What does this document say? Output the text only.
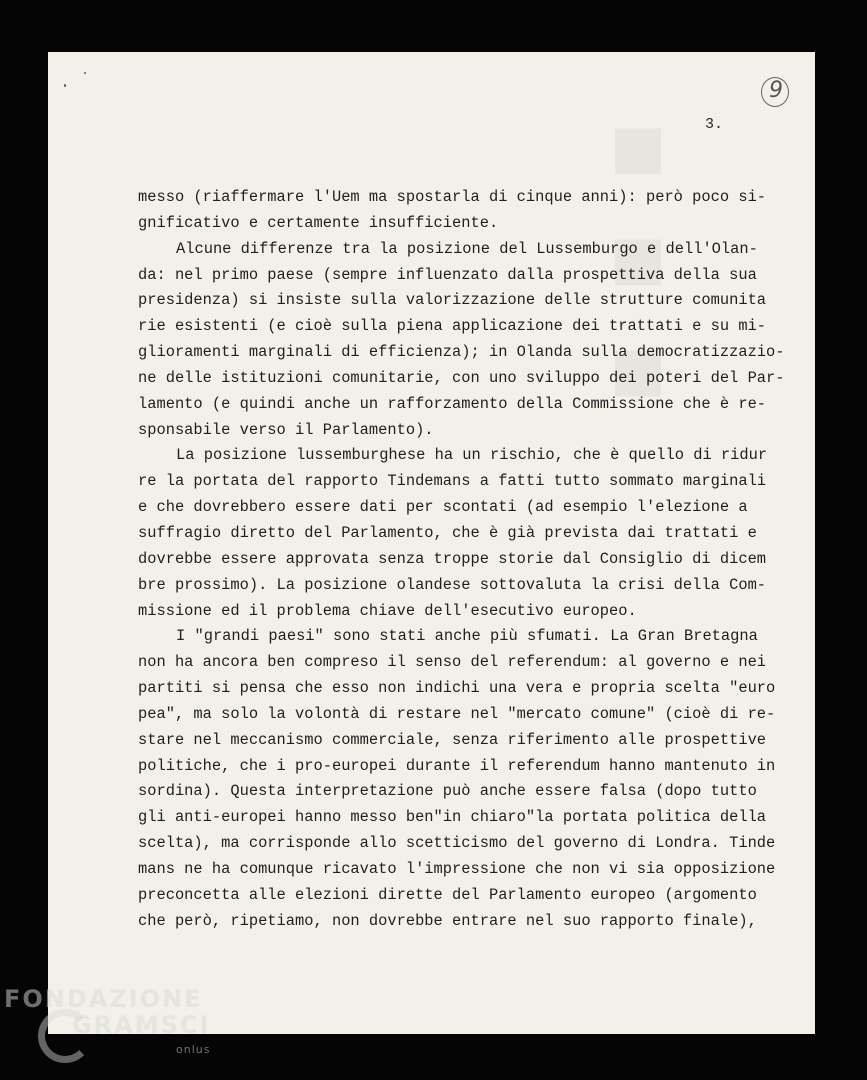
■ ■ ■
9
3.
messo (riaffermare l'Uem ma spostarla di cinque anni): però poco si-
gnificativo e certamente insufficiente.
Alcune differenze tra la posizione del Lussemburgo e dell'Olan-
da: nel primo paese (sempre influenzato dalla prospettiva della sua
presidenza) si insiste sulla valorizzazione delle strutture comunita
rie esistenti (e cioè sulla piena applicazione dei trattati e su mi-
glioramenti marginali di efficienza); in Olanda sulla democratizzazio-
ne delle istituzioni comunitarie, con uno sviluppo dei poteri del Par-
lamento (e quindi anche un rafforzamento della Commissione che è re-
sponsabile verso il Parlamento).
La posizione lussemburghese ha un rischio, che è quello di ridur
re la portata del rapporto Tindemans a fatti tutto sommato marginali
e che dovrebbero essere dati per scontati (ad esempio l'elezione a
suffragio diretto del Parlamento, che è già prevista dai trattati e
dovrebbe essere approvata senza troppe storie dal Consiglio di dicem
bre prossimo). La posizione olandese sottovaluta la crisi della Com-
missione ed il problema chiave dell'esecutivo europeo.
I "grandi paesi" sono stati anche più sfumati. La Gran Bretagna
non ha ancora ben compreso il senso del referendum: al governo e nei
partiti si pensa che esso non indichi una vera e propria scelta "euro
pea", ma solo la volontà di restare nel "mercato comune" (cioè di re-
stare nel meccanismo commerciale, senza riferimento alle prospettive
politiche, che i pro-europei durante il referendum hanno mantenuto in
sordina). Questa interpretazione può anche essere falsa (dopo tutto
gli anti-europei hanno messo ben"in chiaro"la portata politica della
scelta), ma corrisponde allo scetticismo del governo di Londra. Tinde
mans ne ha comunque ricavato l'impressione che non vi sia opposizione
preconcetta alle elezioni dirette del Parlamento europeo (argomento
che però, ripetiamo, non dovrebbe entrare nel suo rapporto finale),
FONDAZIONE
GRAMSCI
onlus
